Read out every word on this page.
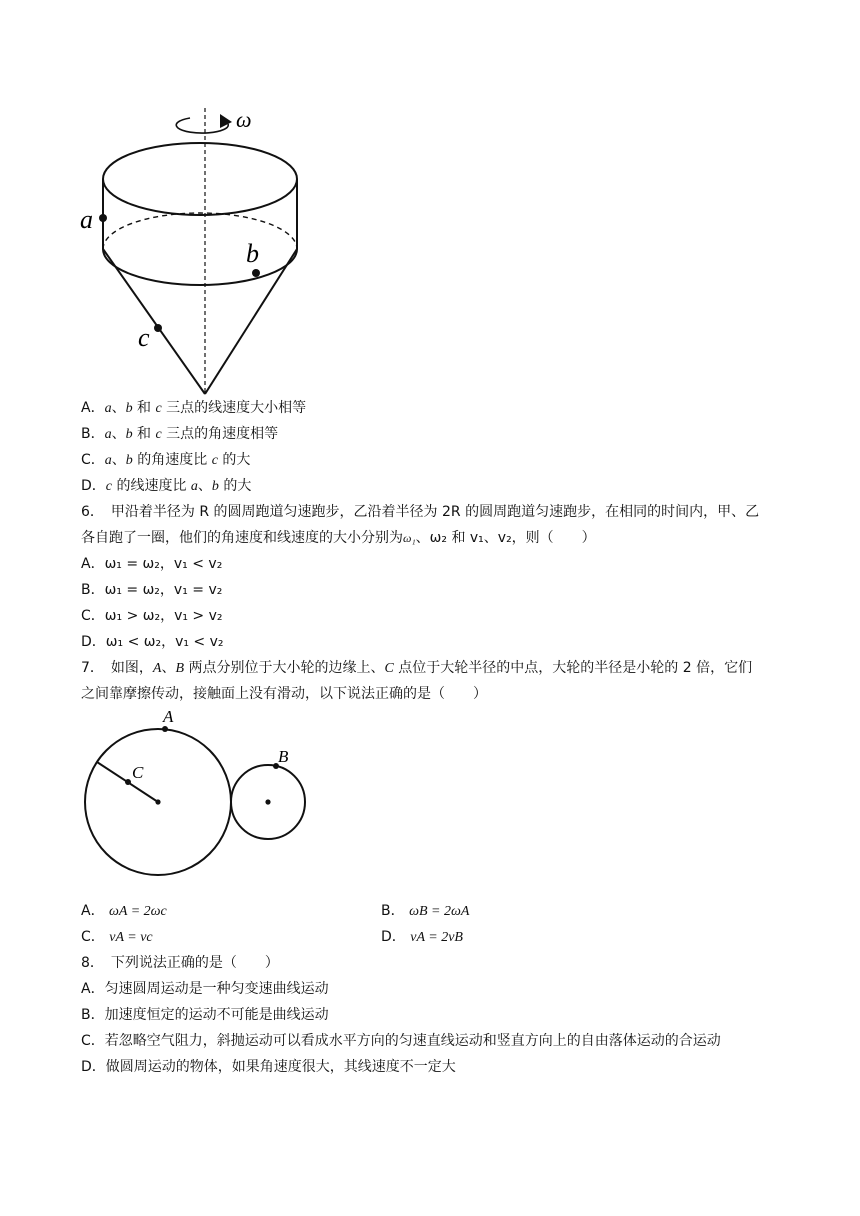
ω
a
b
c
A．a、b 和 c 三点的线速度大小相等
B．a、b 和 c 三点的角速度相等
C．a、b 的角速度比 c 的大
D．c 的线速度比 a、b 的大
6．　甲沿着半径为 R 的圆周跑道匀速跑步，乙沿着半径为 2R 的圆周跑道匀速跑步，在相同的时间内，甲、乙
各自跑了一圈，他们的角速度和线速度的大小分别为ω₁、ω₂ 和 v₁、v₂，则（　　）
A．ω₁ = ω₂，v₁ < v₂
B．ω₁ = ω₂，v₁ = v₂
C．ω₁ > ω₂，v₁ > v₂
D．ω₁ < ω₂，v₁ < v₂
7．　如图，A、B 两点分别位于大小轮的边缘上、C 点位于大轮半径的中点，大轮的半径是小轮的 2 倍，它们
之间靠摩擦传动，接触面上没有滑动，以下说法正确的是（　　）
C
A
B
A． ωA = 2ωc	B． ωB = 2ωA
C． vA = vc	D． vA = 2vB
8．　下列说法正确的是（　　）
A．匀速圆周运动是一种匀变速曲线运动
B．加速度恒定的运动不可能是曲线运动
C．若忽略空气阻力，斜抛运动可以看成水平方向的匀速直线运动和竖直方向上的自由落体运动的合运动
D．做圆周运动的物体，如果角速度很大，其线速度不一定大
